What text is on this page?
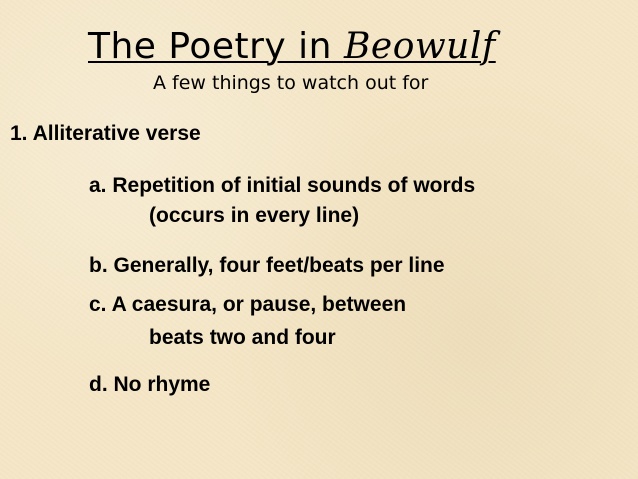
The Poetry in Beowulf
A few things to watch out for
1. Alliterative verse
a. Repetition of initial sounds of words
(occurs in every line)
b. Generally, four feet/beats per line
c. A caesura, or pause, between
beats two and four
d. No rhyme
